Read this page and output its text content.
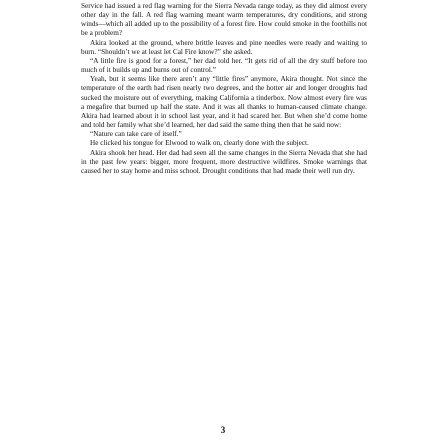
Service had issued a red flag warning for the Sierra Nevada range today, as they did almost every other day in the fall. A red flag warning meant warm temperatures, dry conditions, and strong winds—which all added up to the possibility of a forest fire. How could smoke in the foothills not be a problem?

Akira looked at the ground, where brittle leaves and pine needles were ready and waiting to burn. “Shouldn’t we at least let Cal Fire know?” she asked.

“A little fire is good for a forest,” her dad told her. “It gets rid of all the dry stuff before too much of it builds up and burns out of control.”

Yeah, but it seems like there aren’t any “little fires” anymore, Akira thought. Not since the temperature of the earth had risen nearly two degrees, and the hotter air and longer droughts had sucked the moisture out of everything, making California a tinderbox. Now almost every fire was a megafire that burned up half the state. And it was all thanks to human-caused climate change. Akira had learned about it in school last year, and it had scared her. But when she’d come home and told her family what she’d learned, her dad said the same thing then that he said now:

“Nature can take care of itself.”

He clicked his tongue for Elwood to walk on, clearly done with the subject.

Akira shook her head. Her dad had seen all the same changes in the Sierra Nevada that she had in the past few years: bigger, more frequent, more destructive wildfires. Smoke warnings that caused her to stay home and miss school. Drought conditions that had made their well run dry.

3
